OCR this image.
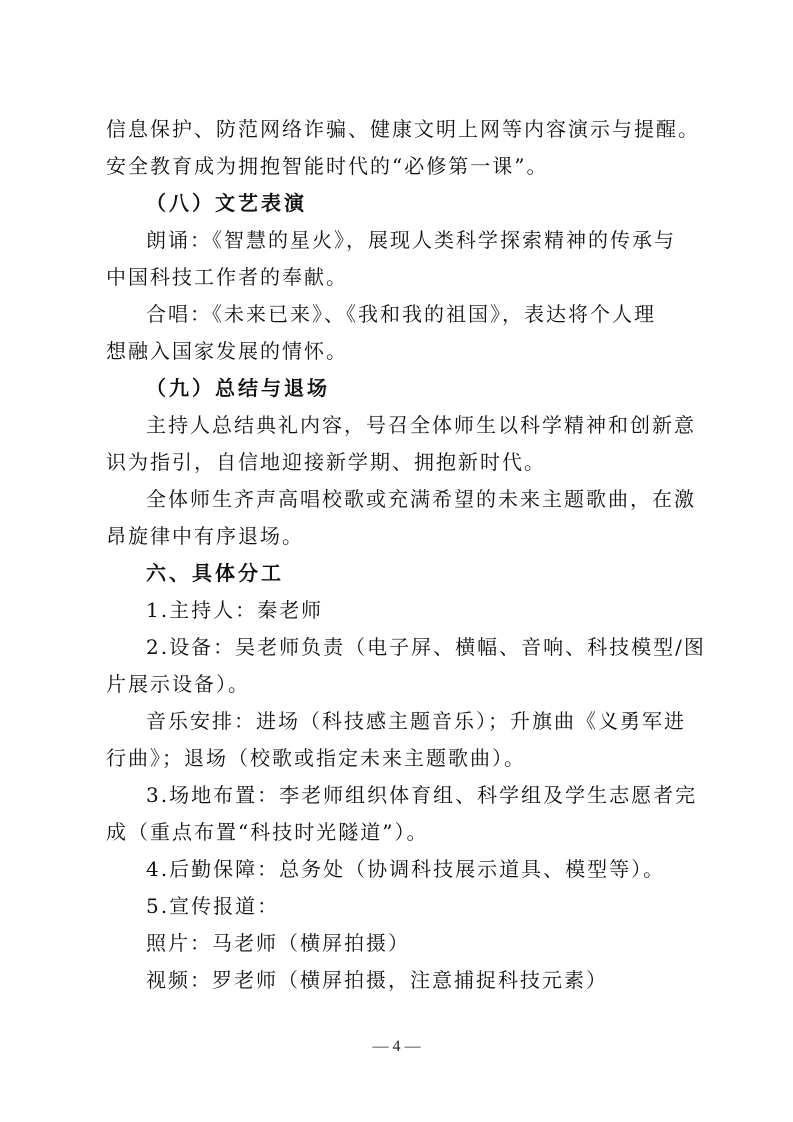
信息保护、防范网络诈骗、健康文明上网等内容演示与提醒。
安全教育成为拥抱智能时代的“必修第一课”。
（八）文艺表演
朗诵：《智慧的星火》，展现人类科学探索精神的传承与
中国科技工作者的奉献。
合唱：《未来已来》、《我和我的祖国》，表达将个人理
想融入国家发展的情怀。
（九）总结与退场
主持人总结典礼内容，号召全体师生以科学精神和创新意
识为指引，自信地迎接新学期、拥抱新时代。
全体师生齐声高唱校歌或充满希望的未来主题歌曲，在激
昂旋律中有序退场。
六、具体分工
1.主持人：秦老师
2.设备：吴老师负责（电子屏、横幅、音响、科技模型/图
片展示设备）。
音乐安排：进场（科技感主题音乐）；升旗曲《义勇军进
行曲》；退场（校歌或指定未来主题歌曲）。
3.场地布置：李老师组织体育组、科学组及学生志愿者完
成（重点布置“科技时光隧道”）。
4.后勤保障：总务处（协调科技展示道具、模型等）。
5.宣传报道：
照片：马老师（横屏拍摄）
视频：罗老师（横屏拍摄，注意捕捉科技元素）
— 4 —
